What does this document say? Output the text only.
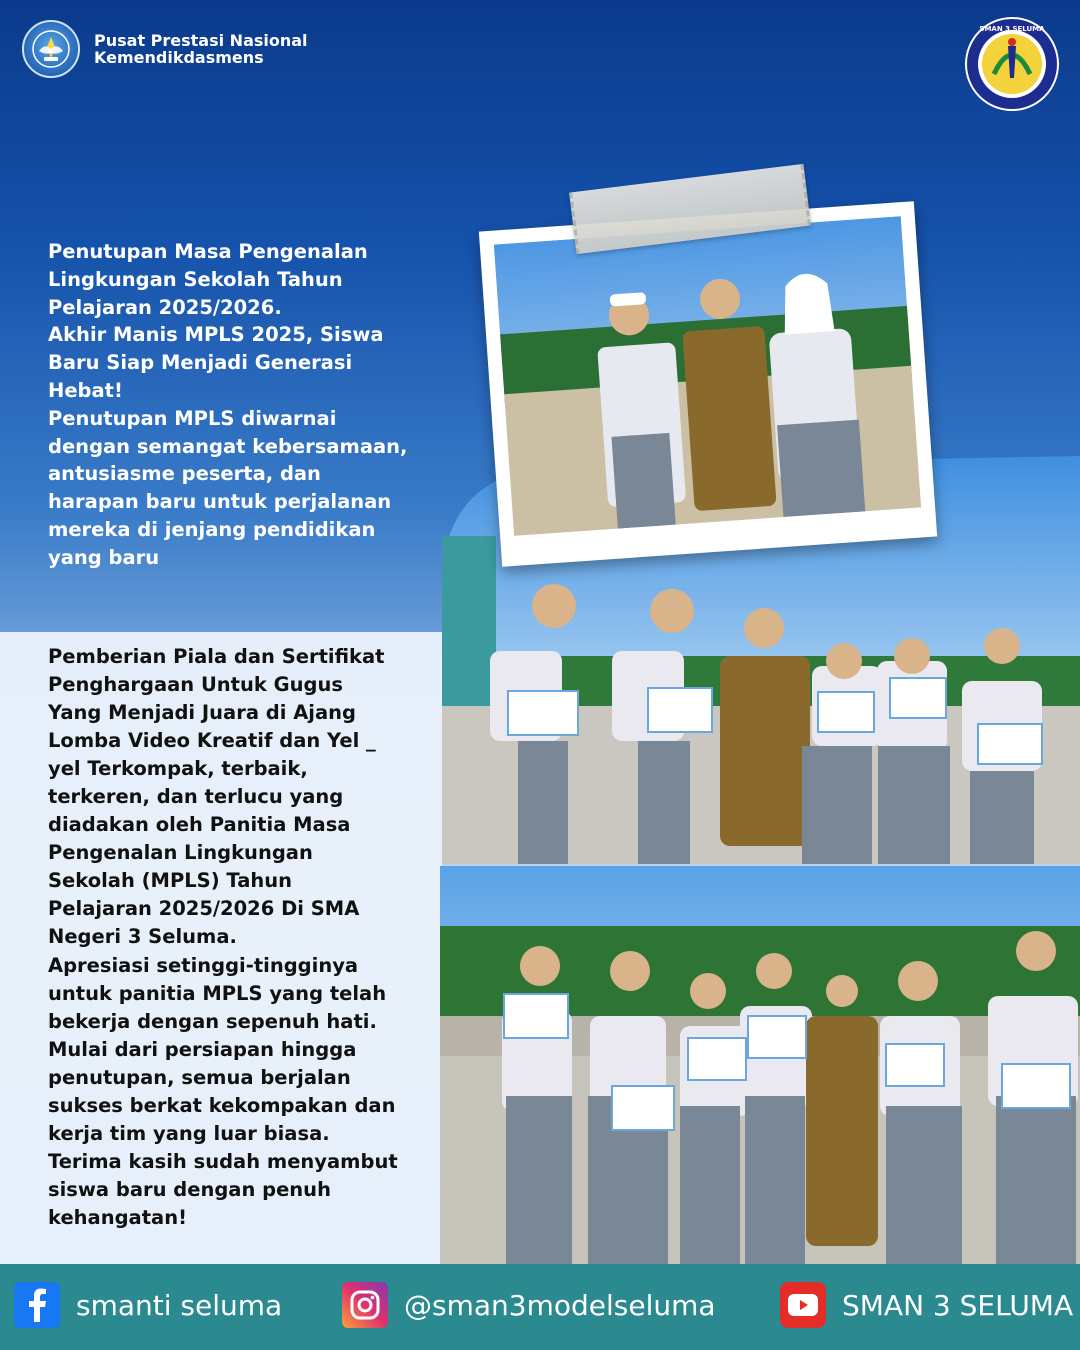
Pusat Prestasi Nasional
Kemendikdasmens
SMAN 3 SELUMA

Penutupan Masa Pengenalan Lingkungan Sekolah Tahun Pelajaran 2025/2026.
Akhir Manis MPLS 2025, Siswa Baru Siap Menjadi Generasi Hebat!
Penutupan MPLS diwarnai dengan semangat kebersamaan, antusiasme peserta, dan harapan baru untuk perjalanan mereka di jenjang pendidikan yang baru

Pemberian Piala dan Sertifikat Penghargaan Untuk Gugus Yang Menjadi Juara di Ajang Lomba Video Kreatif dan Yel _ yel Terkompak, terbaik, terkeren, dan terlucu yang diadakan oleh Panitia Masa Pengenalan Lingkungan Sekolah (MPLS) Tahun Pelajaran 2025/2026 Di SMA Negeri 3 Seluma.
Apresiasi setinggi-tingginya untuk panitia MPLS yang telah bekerja dengan sepenuh hati. Mulai dari persiapan hingga penutupan, semua berjalan sukses berkat kekompakan dan kerja tim yang luar biasa. Terima kasih sudah menyambut siswa baru dengan penuh kehangatan!
smanti seluma	@sman3modelseluma	SMAN 3 SELUMA
